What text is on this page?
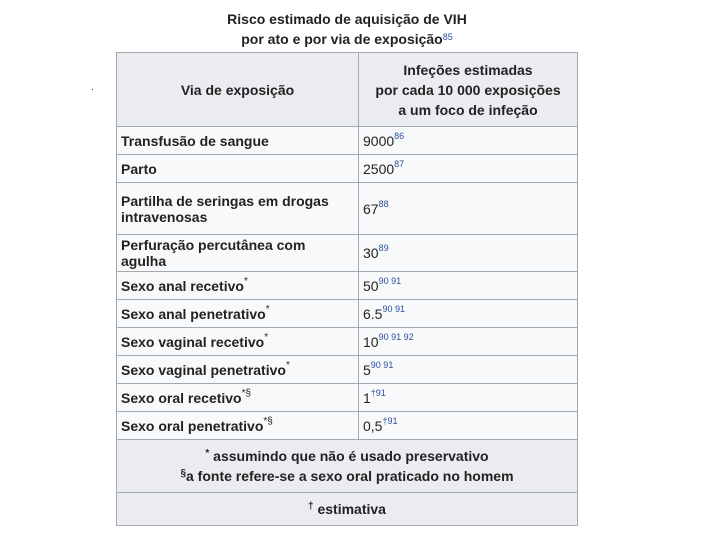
Risco estimado de aquisição de VIH
por ato e por via de exposição$^{85}$
Via de exposição	Infeções estimadas
por cada 10 000 exposições
a um foco de infeção

Transfusão de sangue	9000$^{86}$
Parto	2500$^{87}$
Partilha de seringas em drogas intravenosas	$67^{88}$
Perfuração percutânea com agulha	$30^{89}$
Sexo anal recetivo*	$50^{90 91}$
Sexo anal penetrativo*	$6.5^{90 91}$
Sexo vaginal recetivo*	$10^{90 91 92}$
Sexo vaginal penetrativo*	$5^{90 91}$
Sexo oral recetivo*§	1$^{\dagger 91}$
Sexo oral penetrativo*§	0,5$^{\dagger 91}$

* assumindo que não é usado preservativo
§a fonte refere-se a sexo oral praticado no homem	

† estimativa	
